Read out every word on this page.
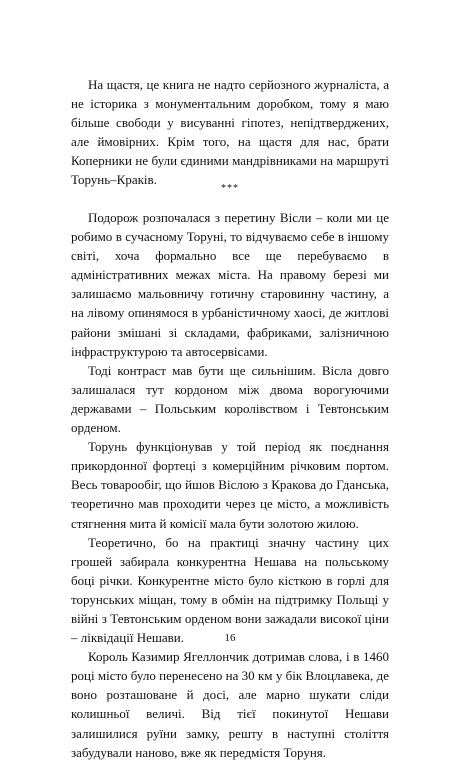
На щастя, це книга не надто серйозного журналіста, а не історика з монументальним доробком, тому я маю більше свободи у висуванні гіпотез, непідтверджених, але ймовірних. Крім того, на щастя для нас, брати Коперники не були єдиними мандрівниками на маршруті Торунь–Краків.

***

Подорож розпочалася з перетину Вісли – коли ми це робимо в сучасному Торуні, то відчуваємо себе в іншому світі, хоча формально все ще перебуваємо в адміністративних межах міста. На правому березі ми залишаємо мальовничу готичну старовинну частину, а на лівому опинямося в урбаністичному хаосі, де житлові райони змішані зі складами, фабриками, залізничною інфраструктурою та автосервісами.

Тоді контраст мав бути ще сильнішим. Вісла довго залишалася тут кордоном між двома ворогуючими державами – Польським королівством і Тевтонським орденом.

Торунь функціонував у той період як поєднання прикордонної фортеці з комерційним річковим портом. Весь товарообіг, що йшов Віслою з Кракова до Гданська, теоретично мав проходити через це місто, а можливість стягнення мита й комісії мала бути золотою жилою.

Теоретично, бо на практиці значну частину цих грошей забирала конкурентна Нешава на польському боці річки. Конкурентне місто було кісткою в горлі для торунських міщан, тому в обмін на підтримку Польщі у війні з Тевтонським орденом вони зажадали високої ціни – ліквідації Нешави.

Король Казимир Ягеллончик дотримав слова, і в 1460 році місто було перенесено на 30 км у бік Влоцлавека, де воно розташоване й досі, але марно шукати сліди колишньої величі. Від тієї покинутої Нешави залишилися руїни замку, решту в наступні століття забудували наново, вже як передмістя Торуня.

16
